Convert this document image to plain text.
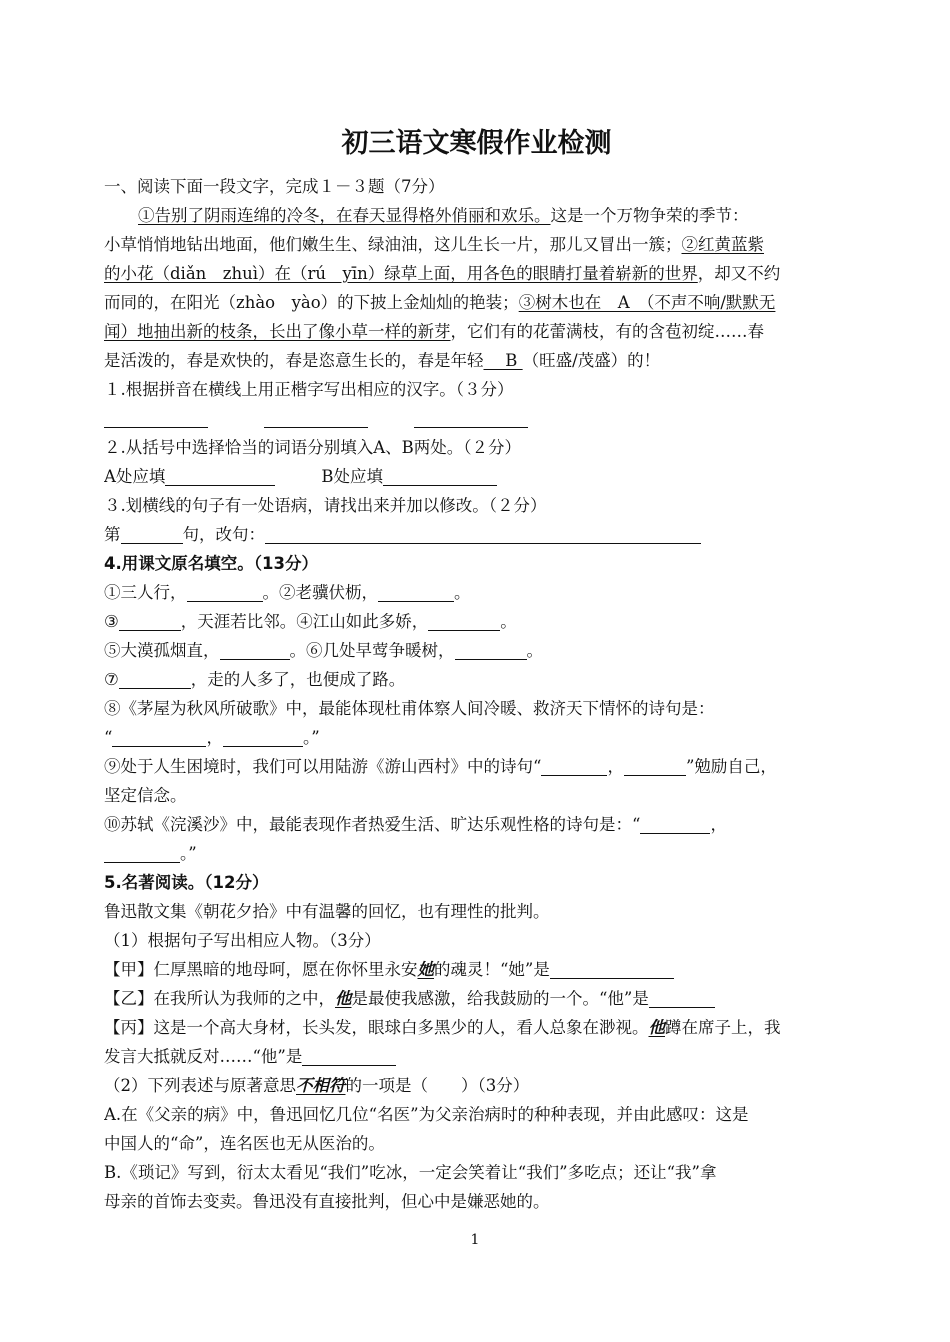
初三语文寒假作业检测
一、阅读下面一段文字，完成１－３题（7分）
①告别了阴雨连绵的冷冬，在春天显得格外俏丽和欢乐。这是一个万物争荣的季节：
小草悄悄地钻出地面，他们嫩生生、绿油油，这儿生长一片，那儿又冒出一簇；②红黄蓝紫
的小花（diǎn　zhuì）在（rú　yīn）绿草上面，用各色的眼睛打量着崭新的世界，却又不约
而同的，在阳光（zhào　yào）的下披上金灿灿的艳装；③树木也在　A　（不声不响/默默无
闻）地抽出新的枝条，长出了像小草一样的新芽，它们有的花蕾满枝，有的含苞初绽……春
是活泼的，春是欢快的，春是恣意生长的，春是年轻　 B （旺盛/茂盛）的！
１.根据拼音在横线上用正楷字写出相应的汉字。（３分）
２.从括号中选择恰当的词语分别填入A、B两处。（２分）
A处应填	B处应填
３.划横线的句子有一处语病，请找出来并加以修改。（２分）
第	句，改句：
4.用课文原名填空。（13分）
①三人行，	。②老骥伏枥，	。
③	，天涯若比邻。④江山如此多娇，	。
⑤大漠孤烟直，	。⑥几处早莺争暖树，	。
⑦	，走的人多了，也便成了路。
⑧《茅屋为秋风所破歌》中，最能体现杜甫体察人间冷暖、救济天下情怀的诗句是：
“	，	。”
⑨处于人生困境时，我们可以用陆游《游山西村》中的诗句“	，	”勉励自己，
坚定信念。
⑩苏轼《浣溪沙》中，最能表现作者热爱生活、旷达乐观性格的诗句是：“	，
。”
5.名著阅读。（12分）
鲁迅散文集《朝花夕拾》中有温馨的回忆，也有理性的批判。
（1）根据句子写出相应人物。（3分）
【甲】仁厚黑暗的地母呵，愿在你怀里永安她的魂灵！“她”是
【乙】在我所认为我师的之中，他是最使我感激，给我鼓励的一个。“他”是
【丙】这是一个高大身材，长头发，眼球白多黑少的人，看人总象在渺视。他蹲在席子上，我
发言大抵就反对……“他”是
（2）下列表述与原著意思不相符的一项是（　　）（3分）
A.在《父亲的病》中，鲁迅回忆几位“名医”为父亲治病时的种种表现，并由此感叹：这是
中国人的“命”，连名医也无从医治的。
B.《琐记》写到，衍太太看见“我们”吃冰，一定会笑着让“我们”多吃点；还让“我”拿
母亲的首饰去变卖。鲁迅没有直接批判，但心中是嫌恶她的。
1
